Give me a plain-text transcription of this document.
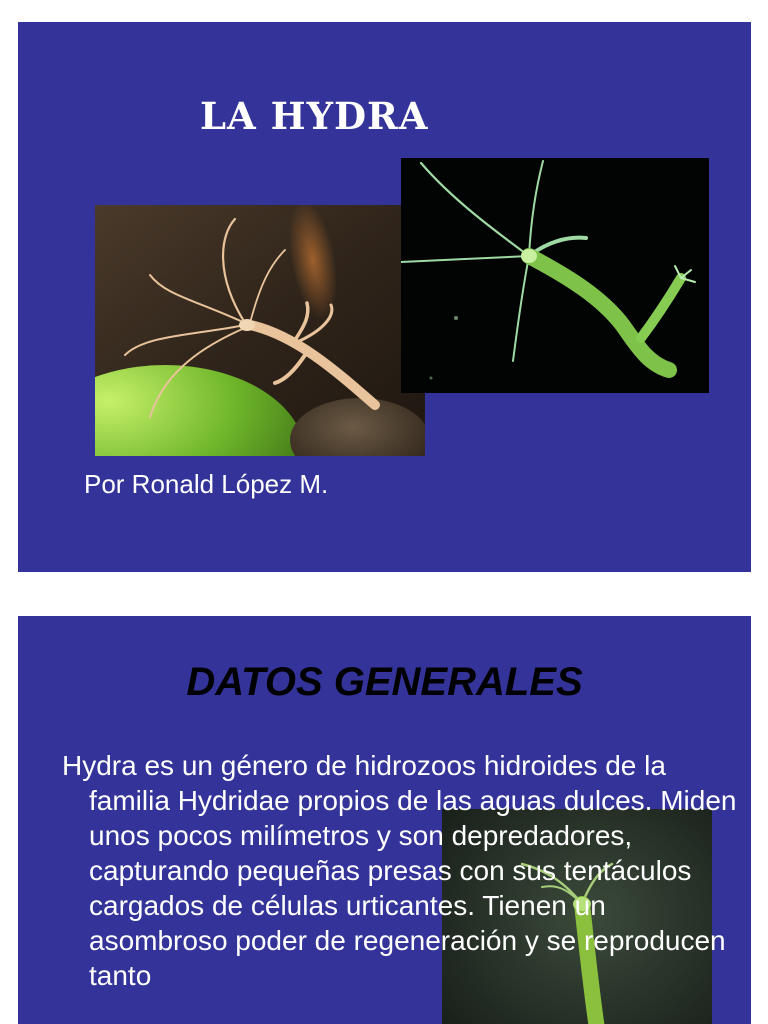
LA HYDRA
Por Ronald López M.
DATOS GENERALES

Hydra es un género de hidrozoos hidroides de la familia Hydridae propios de las aguas dulces. Miden unos pocos milímetros y son depredadores, capturando pequeñas presas con sus tentáculos cargados de células urticantes. Tienen un asombroso poder de regeneración y se reproducen tanto
